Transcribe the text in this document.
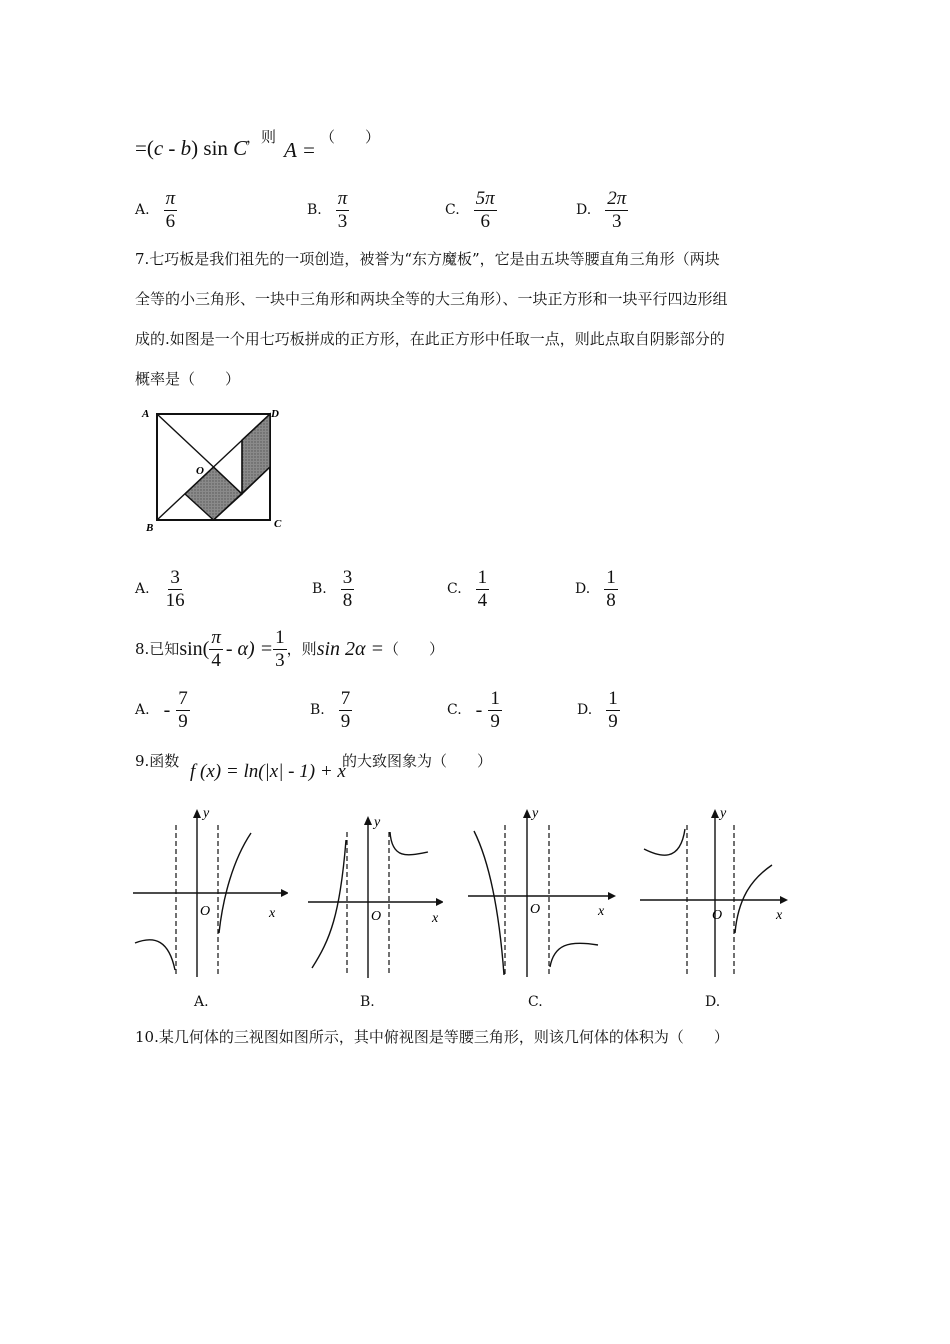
=(c - b) sin C
，则
A =
（　　）
A. $\frac{\pi}{6}$	B. $\frac{\pi}{3}$	C. $\frac{5\pi}{6}$	D. $\frac{2\pi}{3}$
7.七巧板是我们祖先的一项创造，被誉为“东方魔板”，它是由五块等腰直角三角形（两块
全等的小三角形、一块中三角形和两块全等的大三角形）、一块正方形和一块平行四边形组
成的.如图是一个用七巧板拼成的正方形，在此正方形中任取一点，则此点取自阴影部分的
概率是（　　）
A	D
B	C
O
A. $\frac{3}{16}$	B. $\frac{3}{8}$	C. $\frac{1}{4}$	D. $\frac{1}{8}$
8.已知 $\sin( \frac{\pi}{4} - \alpha) = \frac{1}{3}$ ，则 sin 2α = （　　）
A. - $\frac{7}{9}$	B. $\frac{7}{9}$	C. - $\frac{1}{9}$	D. $\frac{1}{9}$
9.函数 f (x) = ln(|x| - 1) + x
的大致图象为（　　）
y
x
O
y
x
O
y
x
O
y
x
O
A.	B.	C.	D.
10.某几何体的三视图如图所示，其中俯视图是等腰三角形，则该几何体的体积为（　　）
